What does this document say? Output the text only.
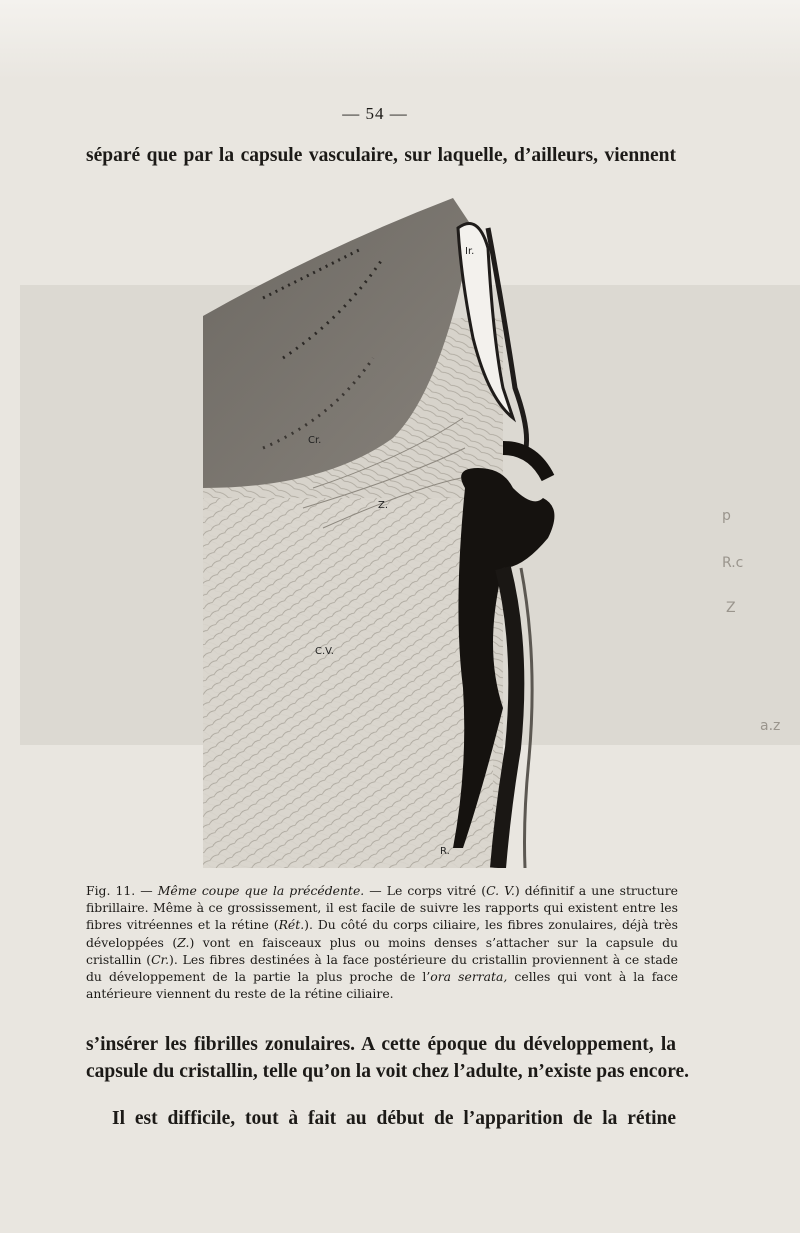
— 54 —
séparé que par la capsule vasculaire, sur laquelle, d’ailleurs, viennent
Ir.
Cr.
Z.
C.V.
R.
Fig. 11. — Même coupe que la précédente. — Le corps vitré (C. V.) définitif a une structure fibrillaire. Même à ce grossissement, il est facile de suivre les rapports qui existent entre les fibres vitréennes et la rétine (Rét.). Du côté du corps ciliaire, les fibres zonulaires, déjà très développées (Z.) vont en faisceaux plus ou moins denses s’attacher sur la capsule du cristallin (Cr.). Les fibres destinées à la face postérieure du cristallin proviennent à ce stade du développement de la partie la plus proche de l’ora serrata, celles qui vont à la face antérieure viennent du reste de la rétine ciliaire.
s’insérer les fibrilles zonulaires. A cette époque du développement, la
capsule du cristallin, telle qu’on la voit chez l’adulte, n’existe pas encore.
Il est difficile, tout à fait au début de l’apparition de la rétine
R.c
Z
p
a.z
